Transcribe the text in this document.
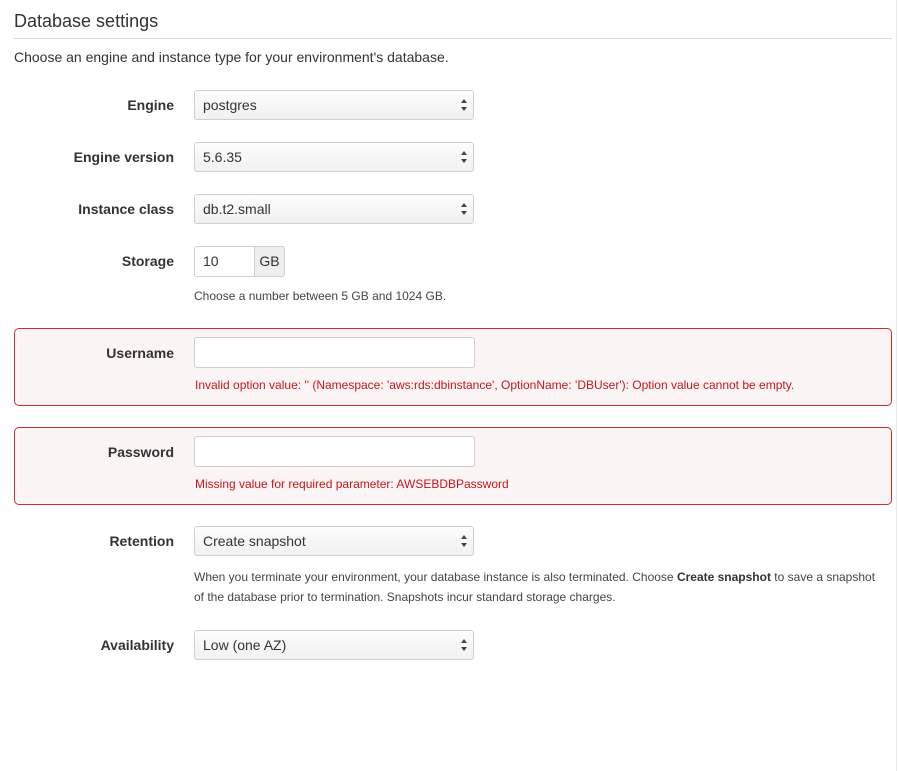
Database settings
Choose an engine and instance type for your environment's database.
Engine postgres
Engine version 5.6.35
Instance class db.t2.small
Storage 10	GB
Choose a number between 5 GB and 1024 GB.
Username
Invalid option value: '' (Namespace: 'aws:rds:dbinstance', OptionName: 'DBUser'): Option value cannot be empty.
Password
Missing value for required parameter: AWSEBDBPassword
Retention Create snapshot
When you terminate your environment, your database instance is also terminated. Choose Create snapshot to save a snapshot of the database prior to termination. Snapshots incur standard storage charges.
Availability Low (one AZ)
